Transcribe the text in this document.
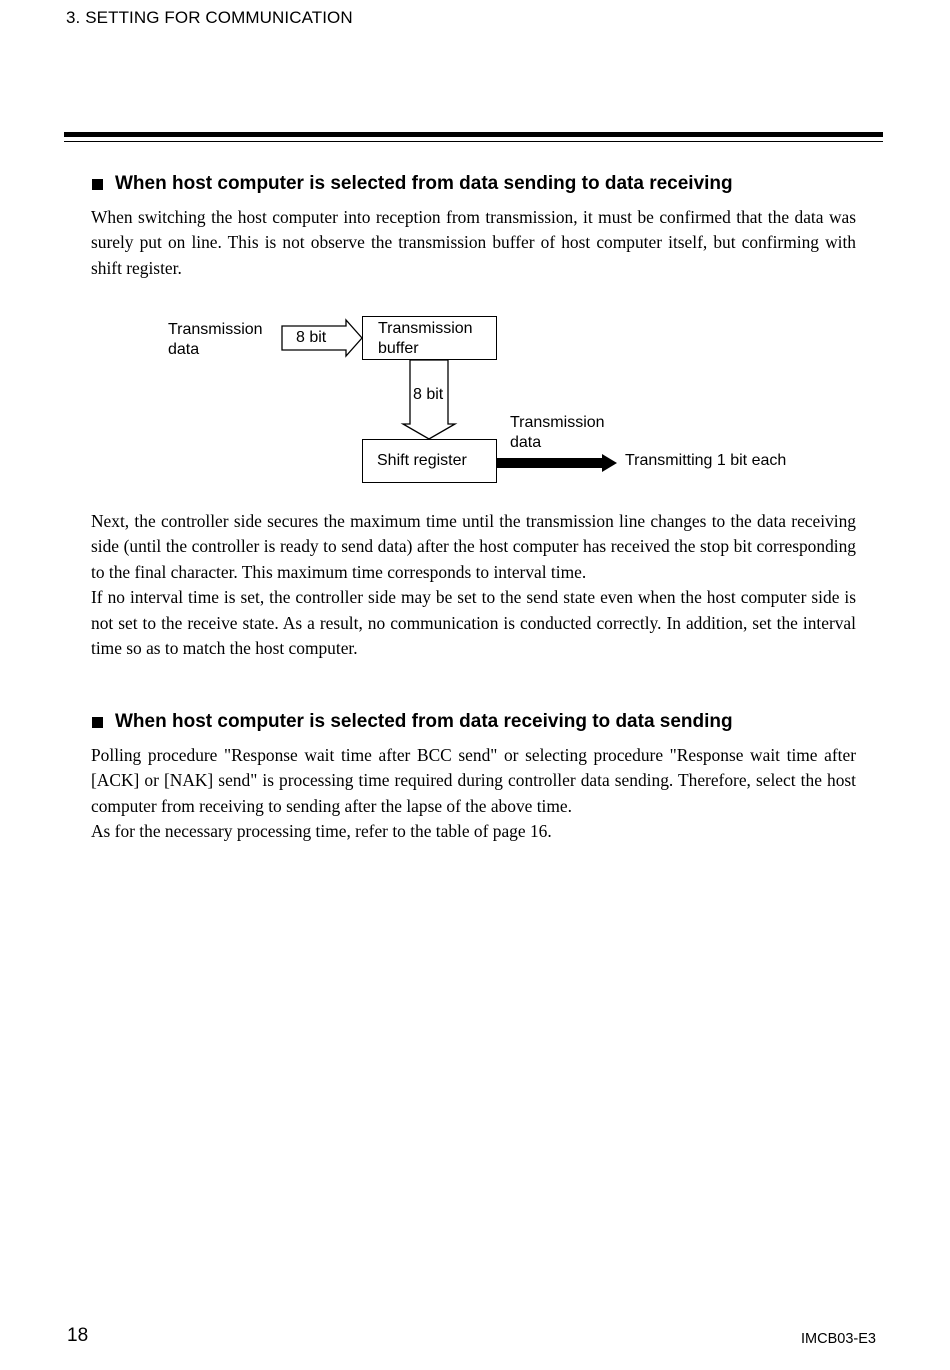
3. SETTING FOR COMMUNICATION
When host computer is selected from data sending to data receiving

When switching the host computer into reception from transmission, it must be confirmed that the data was surely put on line. This is not observe the transmission buffer of host computer itself, but confirming with shift register.

Transmission
data
8 bit
Transmission
buffer
8 bit
Shift register
Transmission
data
Transmitting 1 bit each

Next, the controller side secures the maximum time until the transmission line changes to the data receiving side (until the controller is ready to send data) after the host computer has received the stop bit corresponding to the final character. This maximum time corresponds to interval time.

If no interval time is set, the controller side may be set to the send state even when the host computer side is not set to the receive state. As a result, no communication is conducted correctly. In addition, set the interval time so as to match the host computer.

When host computer is selected from data receiving to data sending

Polling procedure "Response wait time after BCC send" or selecting procedure "Response wait time after [ACK] or [NAK] send" is processing time required during controller data sending. Therefore, select the host computer from receiving to sending after the lapse of the above time.

As for the necessary processing time, refer to the table of page 16.

18	IMCB03-E3
